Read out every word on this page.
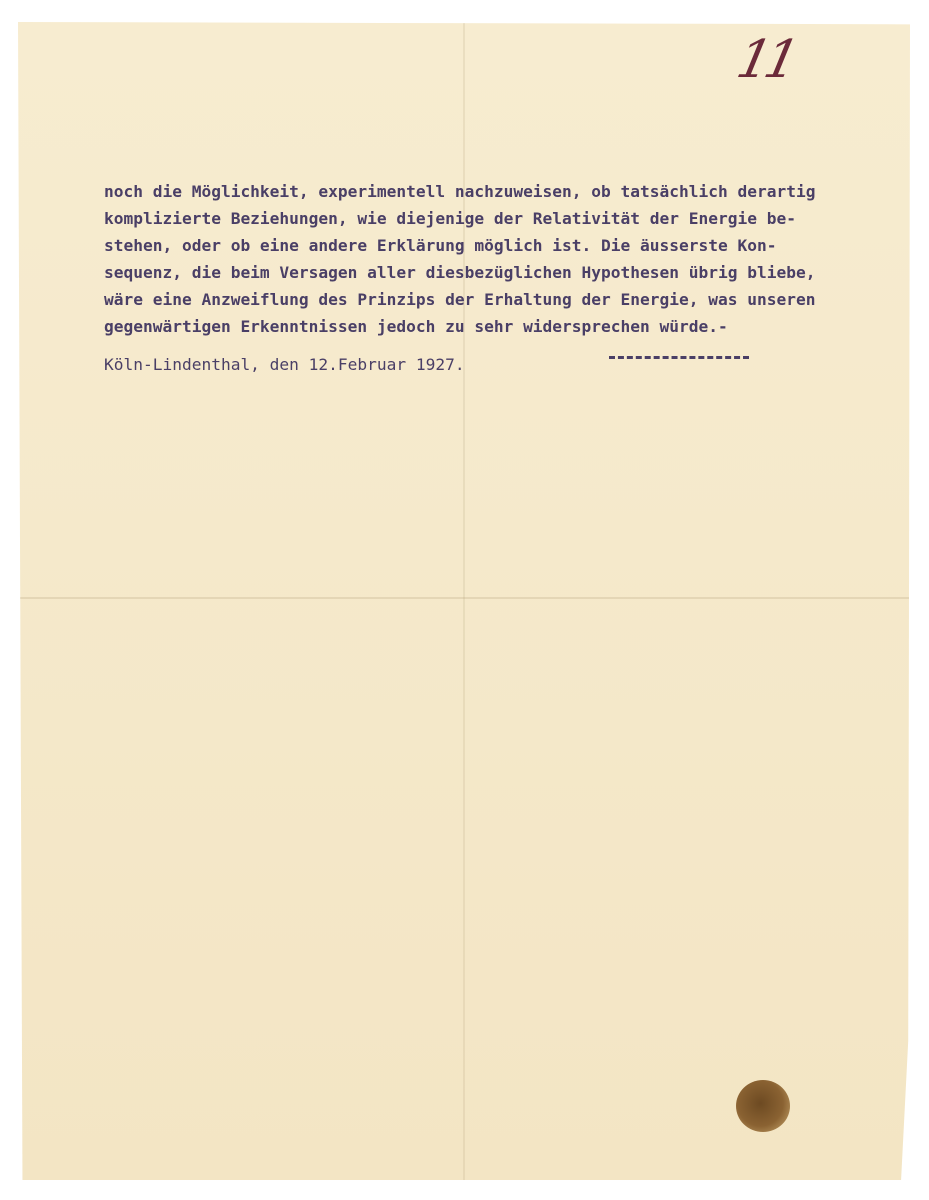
11
noch die Möglichkeit, experimentell nachzuweisen, ob tatsächlich derartig
komplizierte Beziehungen, wie diejenige der Relativität der Energie be-
stehen, oder ob eine andere Erklärung möglich ist. Die äusserste Kon-
sequenz, die beim Versagen aller diesbezüglichen Hypothesen übrig bliebe,
wäre eine Anzweiflung des Prinzips der Erhaltung der Energie, was unseren
gegenwärtigen Erkenntnissen jedoch zu sehr widersprechen würde.-
Köln-Lindenthal, den 12.Februar 1927.
